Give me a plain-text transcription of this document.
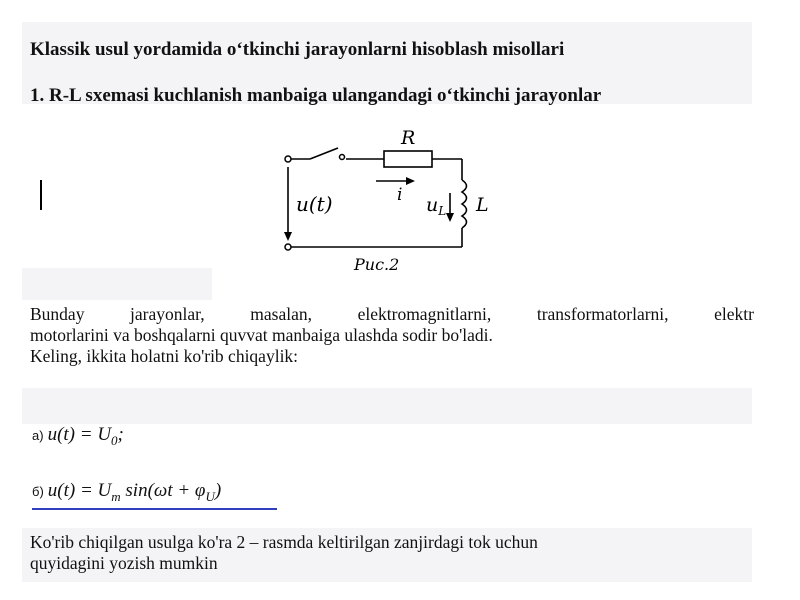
Klassik usul yordamida o‘tkinchi jarayonlarni hisoblash misollari
1. R-L sxemasi kuchlanish manbaiga ulangandagi o‘tkinchi jarayonlar
R
i
u(t)	$u_L$ L
Рис.2
Bunday jarayonlar, masalan, elektromagnitlarni, transformatorlarni, elektr
motorlarini va boshqalarni quvvat manbaiga ulashda sodir bo'ladi.
Keling, ikkita holatni ko'rib chiqaylik:
a) $u(t) = U_0$;
б) $u(t) = U_m$ $\sin(\omega t + \varphi_U)$
Ko'rib chiqilgan usulga ko'ra 2 – rasmda keltirilgan zanjirdagi tok uchun
quyidagini yozish mumkin
